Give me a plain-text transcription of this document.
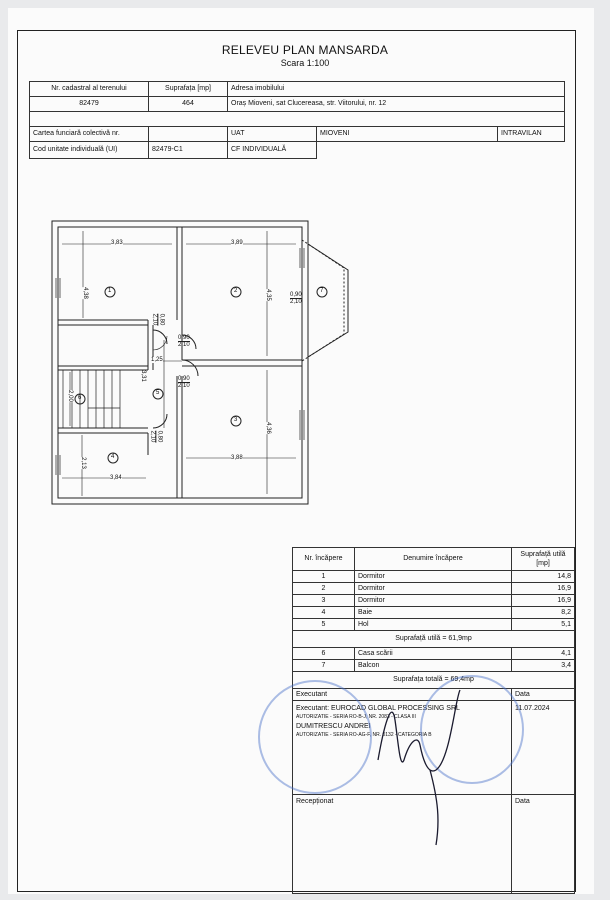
RELEVEU PLAN MANSARDA
Scara 1:100
Nr. cadastral al terenului	Suprafața [mp]	Adresa imobilului		
82479	464	Oraș Mioveni, sat Clucereasa, str. Viitorului, nr. 12		

Cartea funciară colectivă nr.		UAT	MIOVENI	INTRAVILAN
Cod unitate individuală (UI)	82479-C1	CF INDIVIDUALĂ		
1	2
3
4
5
6
7
3,83	3,89
4,38	4,35
1,25
3,31
2,00
2,13
3,84
3,88
4,36
0,90
2,10
0,80
2,10
0,90
2,10
0,90
2,10
0,80
2,10
Nr. încăpere	Denumire încăpere	Suprafață utilă [mp]
1	Dormitor	14,8
2	Dormitor	16,9
3	Dormitor	16,9
4	Baie	8,2
5	Hol	5,1
Suprafață utilă = 61,9mp		
6	Casa scării	4,1
7	Balcon	3,4
Suprafața totală = 69,4mp		
Executant		Data

Executant: EUROCAD GLOBAL PROCESSING SRL
AUTORIZATIE - SERIA RO-B-J, NR. 2083 - CLASA III
DUMITRESCU ANDREI
AUTORIZATIE - SERIA RO-AG-F, NR. 0132 - CATEGORIA B		11.07.2024
Recepționat		Data
